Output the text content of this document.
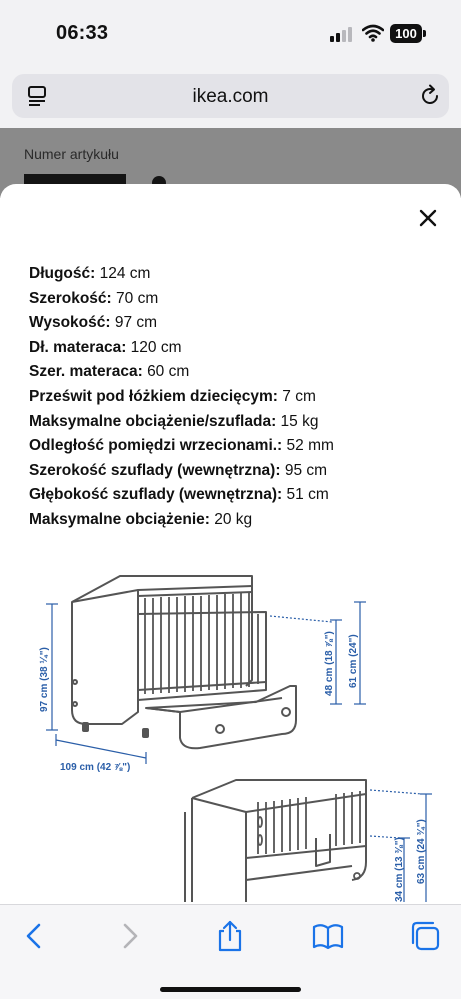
06:33	100
ikea.com
Numer artykułu
Długość: 124 cm
Szerokość: 70 cm
Wysokość: 97 cm
Dł. materaca: 120 cm
Szer. materaca: 60 cm
Prześwit pod łóżkiem dziecięcym: 7 cm
Maksymalne obciążenie/szuflada: 15 kg
Odległość pomiędzi wrzecionami.: 52 mm
Szerokość szuflady (wewnętrzna): 95 cm
Głębokość szuflady (wewnętrzna): 51 cm
Maksymalne obciążenie: 20 kg
97 cm (38 ¼")
109 cm (42 ⅞")
48 cm (18 ⅞") 61 cm (24")
34 cm (13 ⅜") 63 cm (24 ¾")
